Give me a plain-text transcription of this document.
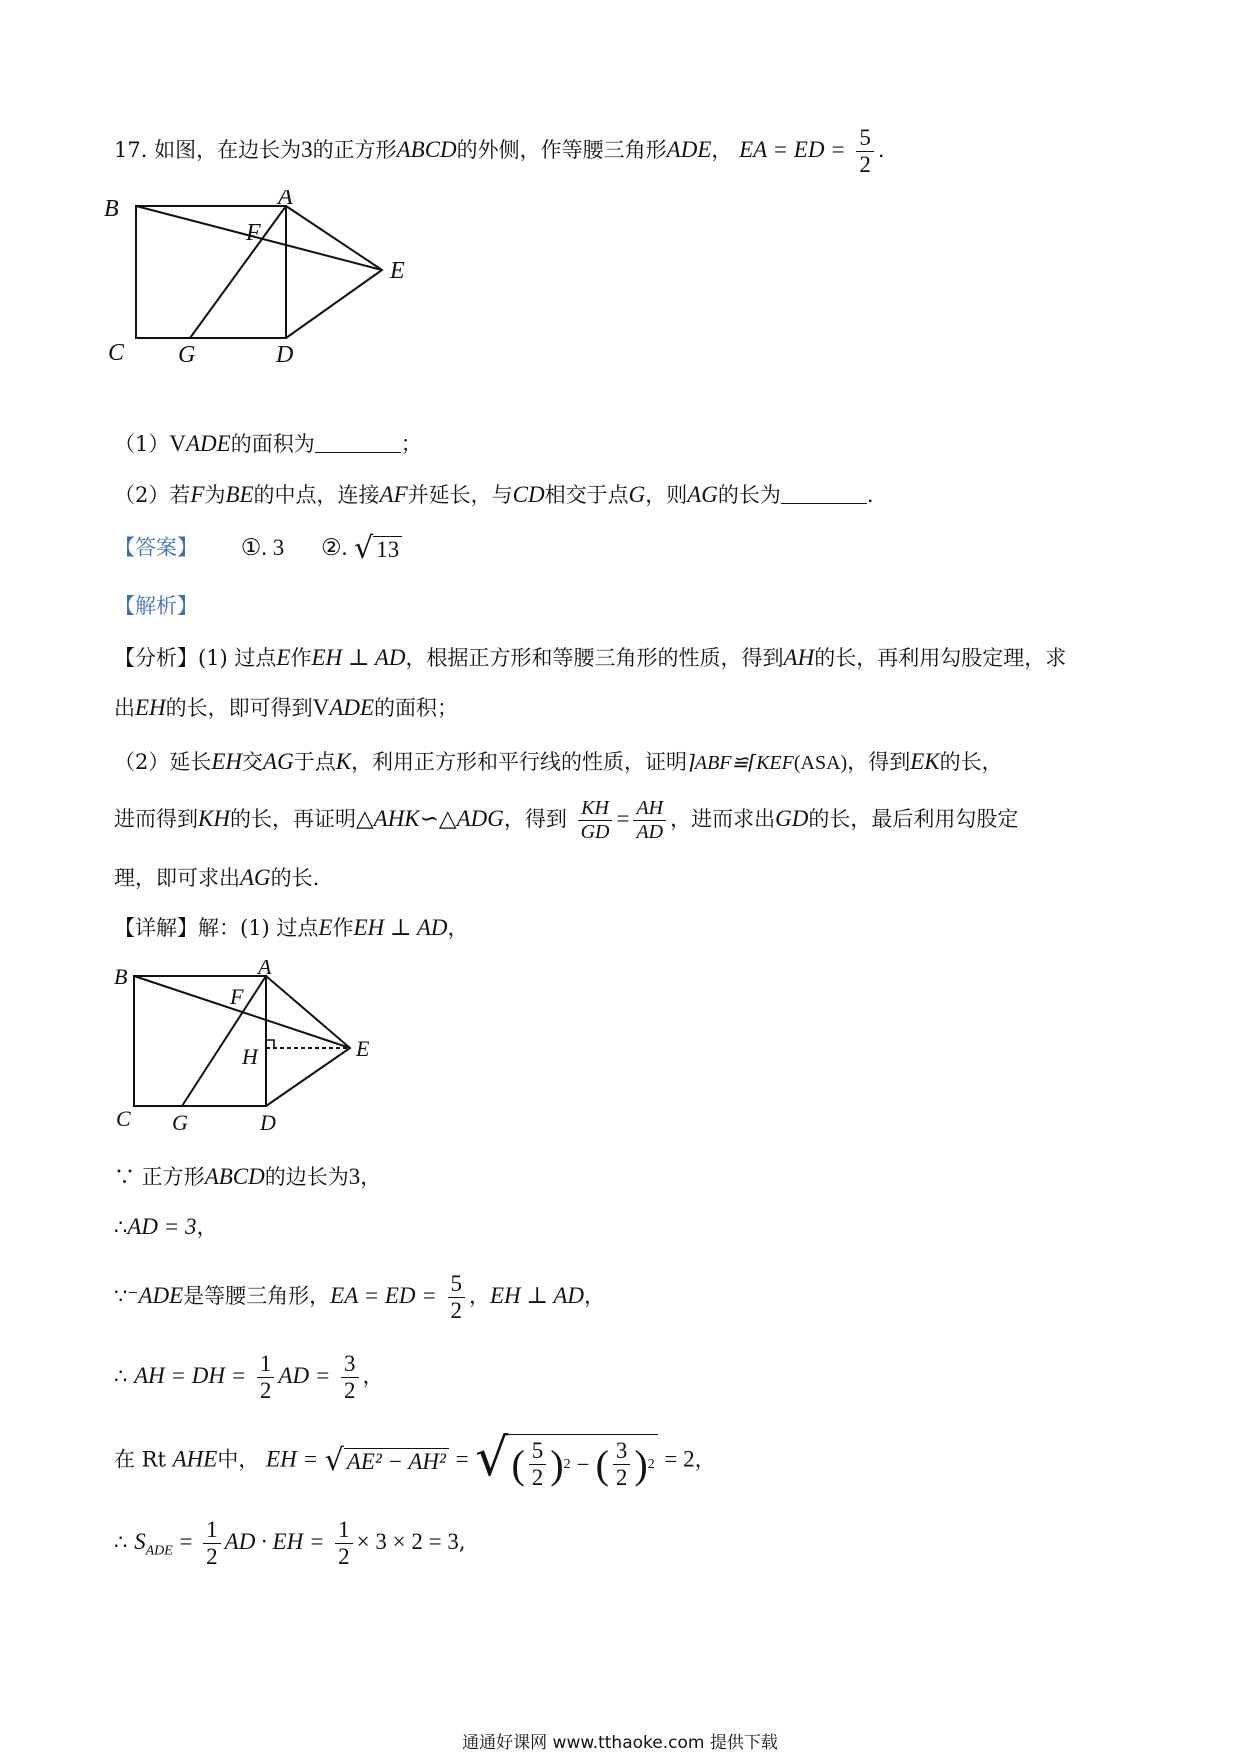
17. 如图，在边长为3的正方形ABCD的外侧，作等腰三角形ADE， EA = ED = $\frac{5}{2}$ .
B	A
F
E
C G	D
（1）VADE的面积为	；
（2）若F为BE的中点，连接AF并延长，与CD相交于点G，则AG的长为	.
【答案】 ①. 3 ②. √ 13
【解析】
【分析】(1) 过点E作EH ⊥ AD，根据正方形和等腰三角形的性质，得到AH的长，再利用勾股定理，求
出EH的长，即可得到VADE的面积；
（2）延长EH交AG于点K，利用正方形和平行线的性质，证明⌉ABF≌⌈KEF(ASA)，得到EK的长，
进而得到KH的长，再证明△AHK∽△ADG，得到 $\frac{KH}{GD} = \frac{AH}{AD}$ ，进而求出GD的长，最后利用勾股定
理，即可求出AG的长.
【详解】解：(1) 过点E作EH ⊥ AD，
B	A
F
E
H
C G	D
∵ 正方形ABCD的边长为3，
∴AD = 3，
∵⁻ADE是等腰三角形，EA = ED = $\frac{5}{2}$ ，EH ⊥ AD，
∴ AH = DH = $\frac{1}{2}$ AD = $\frac{3}{2}$ ，
在 Rt AHE中， EH = √ AE² − AH² = √ ( $\frac{5}{2}$ ) 2 − ( $\frac{3}{2}$ ) 2 = 2，
∴ $S_{ADE} = \frac{1}{2}$ AD · EH = $\frac{1}{2} \times 3 \times 2 = 3$,
通通好课网 www.tthaoke.com 提供下载
